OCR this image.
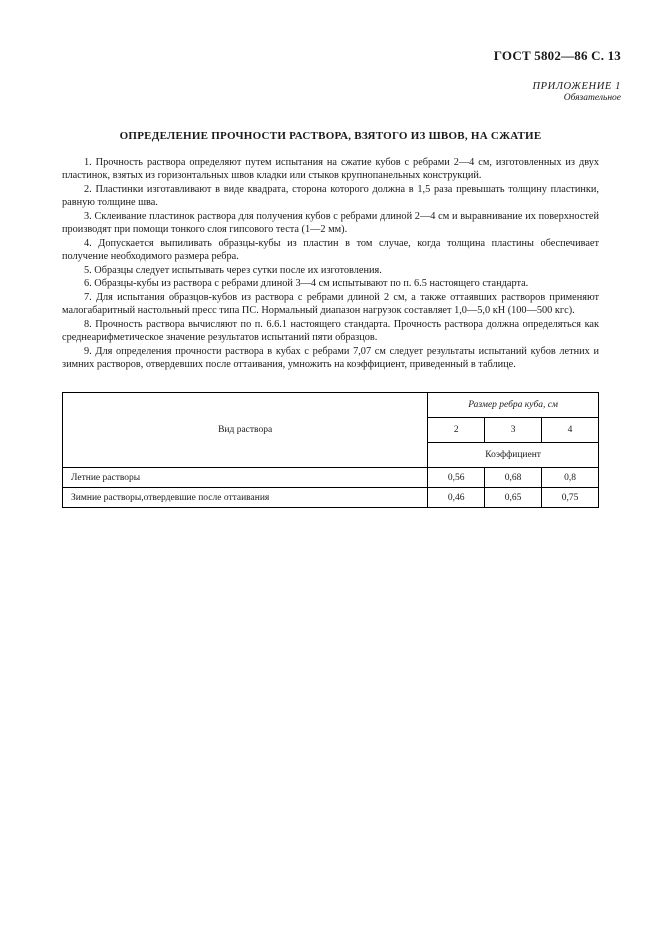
ГОСТ 5802—86 С. 13
ПРИЛОЖЕНИЕ 1
Обязательное
ОПРЕДЕЛЕНИЕ ПРОЧНОСТИ РАСТВОРА, ВЗЯТОГО ИЗ ШВОВ, НА СЖАТИЕ

1. Прочность раствора определяют путем испытания на сжатие кубов с ребрами 2—4 см, изготовленных из двух пластинок, взятых из горизонтальных швов кладки или стыков крупнопанельных конструкций.

2. Пластинки изготавливают в виде квадрата, сторона которого должна в 1,5 раза превышать толщину пластинки, равную толщине шва.

3. Склеивание пластинок раствора для получения кубов с ребрами длиной 2—4 см и выравнивание их поверхностей производят при помощи тонкого слоя гипсового теста (1—2 мм).

4. Допускается выпиливать образцы-кубы из пластин в том случае, когда толщина пластины обеспечивает получение необходимого размера ребра.

5. Образцы следует испытывать через сутки после их изготовления.

6. Образцы-кубы из раствора с ребрами длиной 3—4 см испытывают по п. 6.5 настоящего стандарта.

7. Для испытания образцов-кубов из раствора с ребрами длиной 2 см, а также оттаявших растворов применяют малогабаритный настольный пресс типа ПС. Нормальный диапазон нагрузок составляет 1,0—5,0 кН (100—500 кгс).

8. Прочность раствора вычисляют по п. 6.6.1 настоящего стандарта. Прочность раствора должна определяться как среднеарифметическое значение результатов испытаний пяти образцов.

9. Для определения прочности раствора в кубах с ребрами 7,07 см следует результаты испытаний кубов летних и зимних растворов, отвердевших после оттаивания, умножить на коэффициент, приведенный в таблице.

Вид раствора	Размер ребра куба, см		
	2	3	4
	Коэффициент		
Летние растворы	0,56	0,68	0,8
Зимние растворы,отвердевшие после оттаивания	0,46	0,65	0,75
